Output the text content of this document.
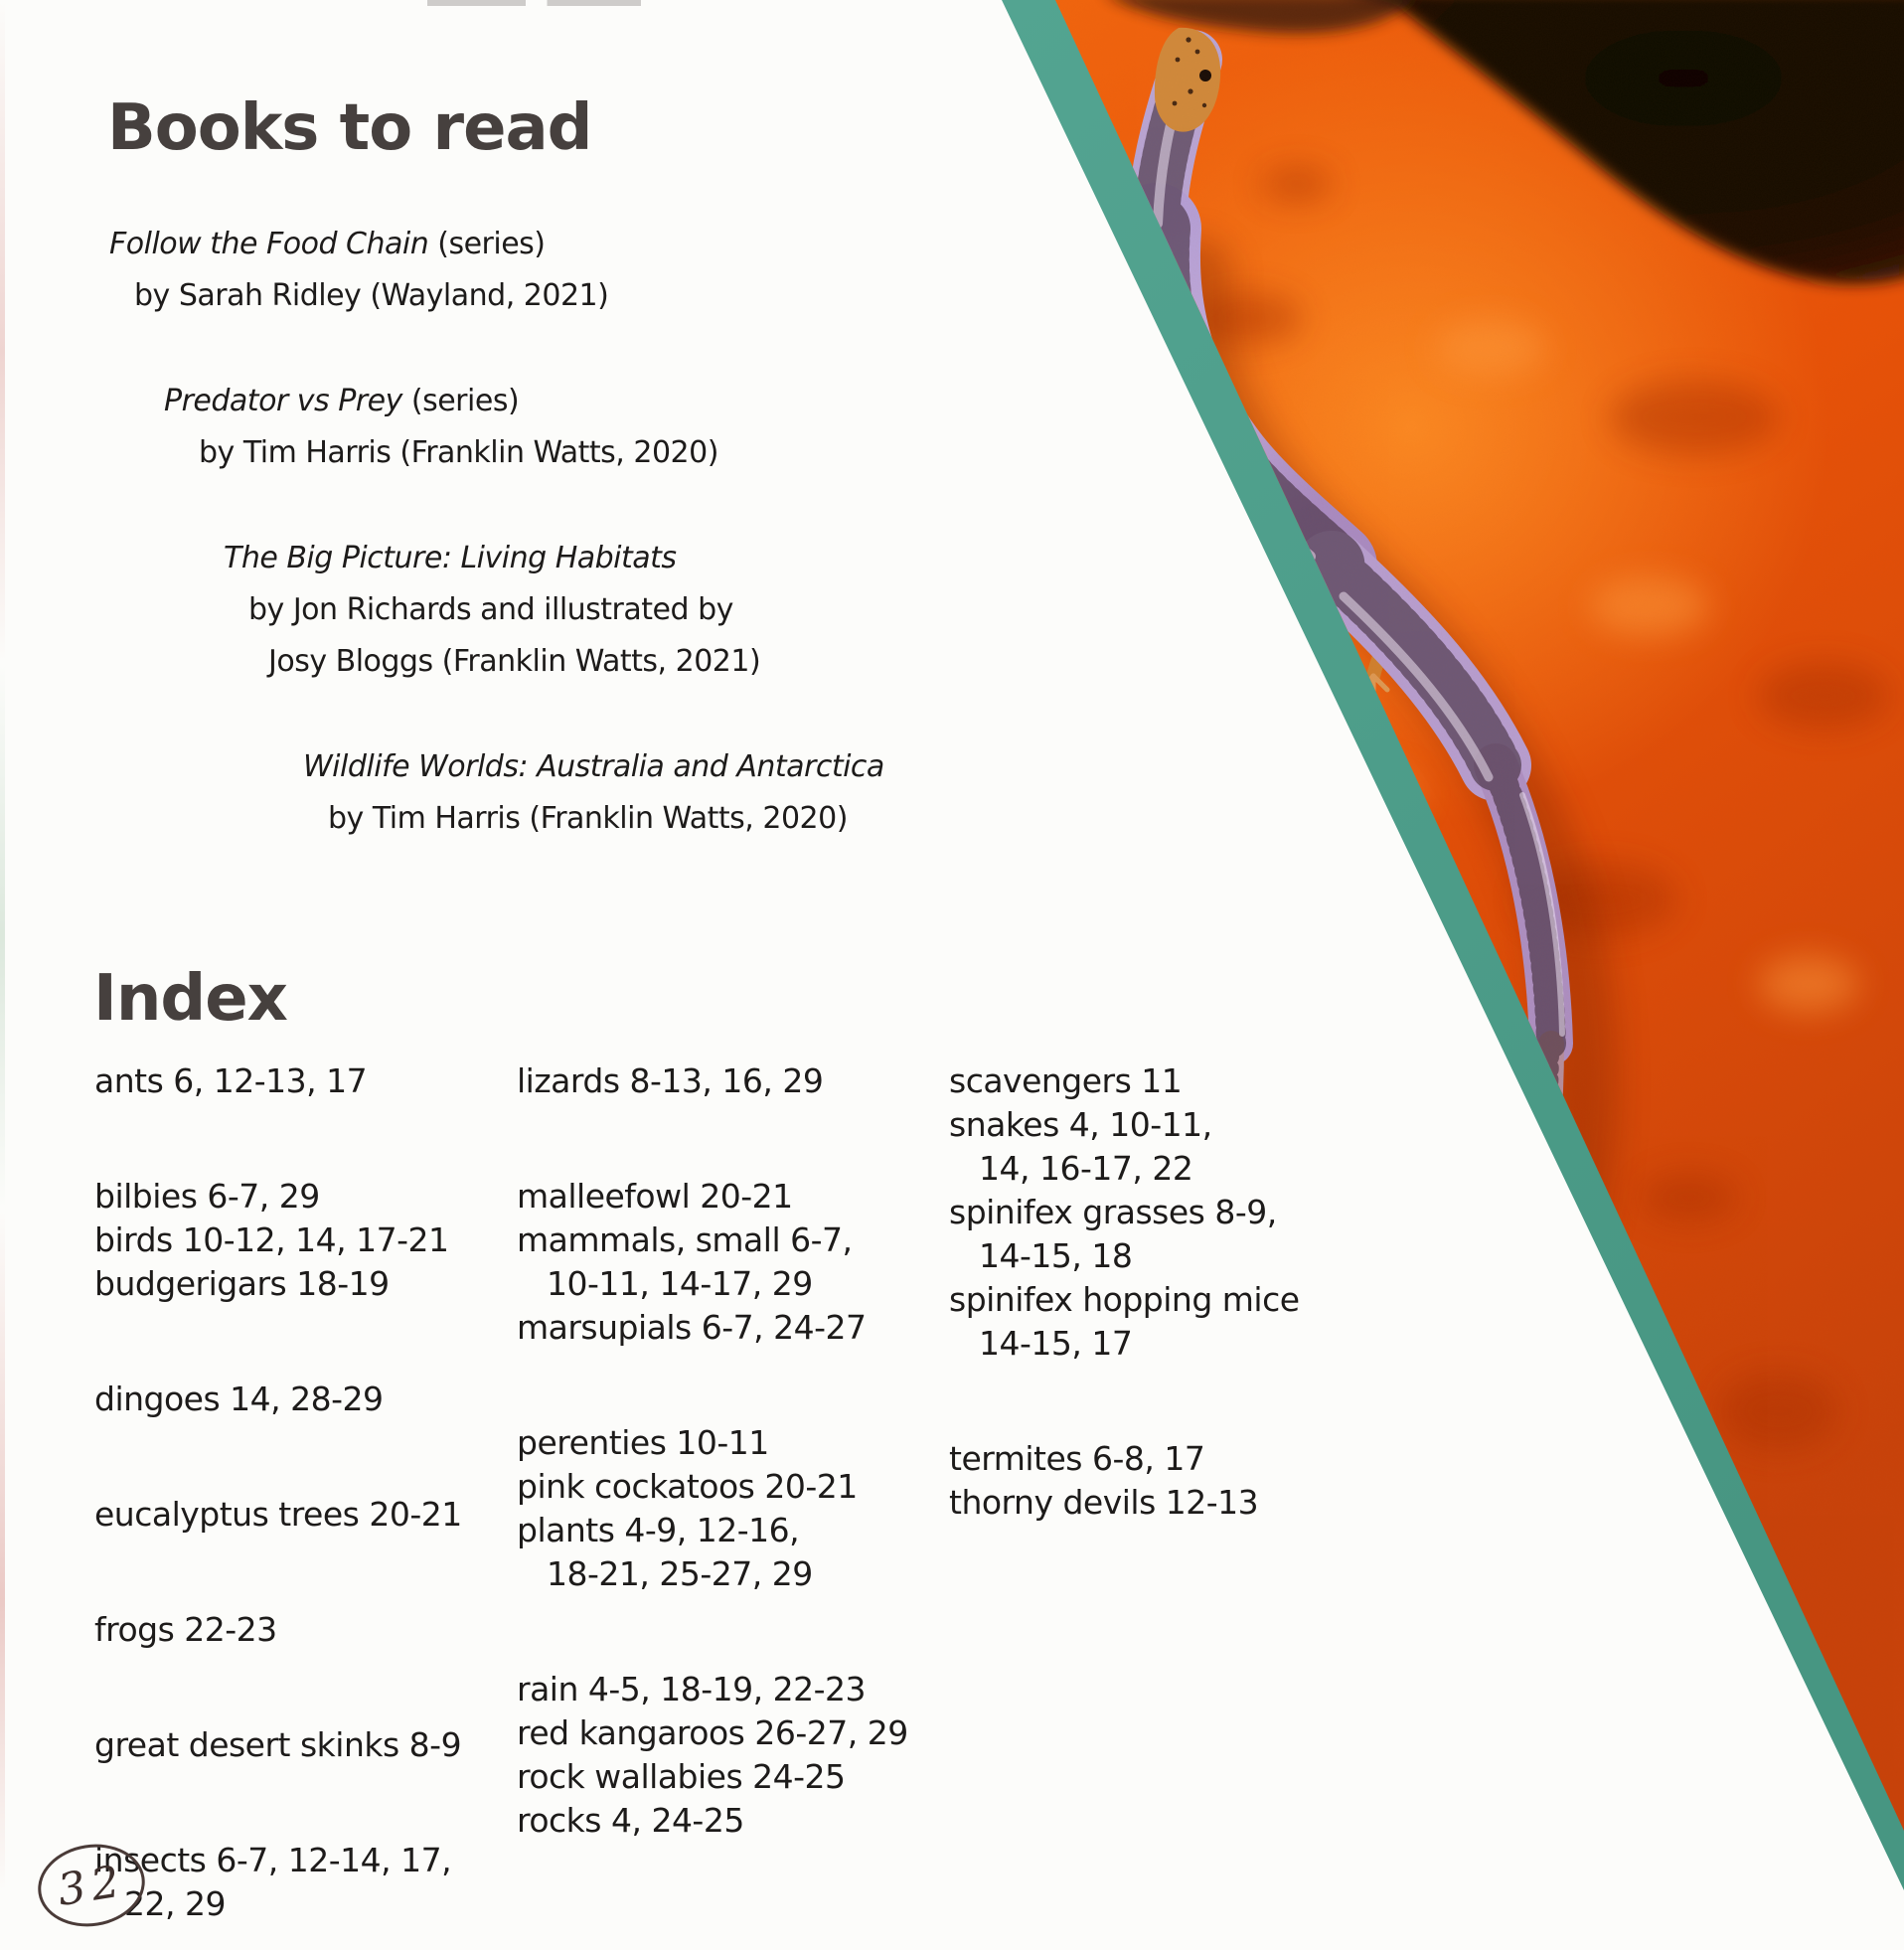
Books to read
Follow the Food Chain (series)
by Sarah Ridley (Wayland, 2021)
Predator vs Prey (series)
by Tim Harris (Franklin Watts, 2020)
The Big Picture: Living Habitats
by Jon Richards and illustrated by
Josy Bloggs (Franklin Watts, 2021)
Wildlife Worlds: Australia and Antarctica
by Tim Harris (Franklin Watts, 2020)
Index
ants 6, 12-13, 17
bilbies 6-7, 29
birds 10-12, 14, 17-21
budgerigars 18-19
dingoes 14, 28-29
eucalyptus trees 20-21
frogs 22-23
great desert skinks 8-9
insects 6-7, 12-14, 17,
22, 29
lizards 8-13, 16, 29
malleefowl 20-21
mammals, small 6-7,
10-11, 14-17, 29
marsupials 6-7, 24-27
perenties 10-11
pink cockatoos 20-21
plants 4-9, 12-16,
18-21, 25-27, 29
rain 4-5, 18-19, 22-23
red kangaroos 26-27, 29
rock wallabies 24-25
rocks 4, 24-25
scavengers 11
snakes 4, 10-11,
14, 16-17, 22
spinifex grasses 8-9,
14-15, 18
spinifex hopping mice
14-15, 17
termites 6-8, 17
thorny devils 12-13
32
